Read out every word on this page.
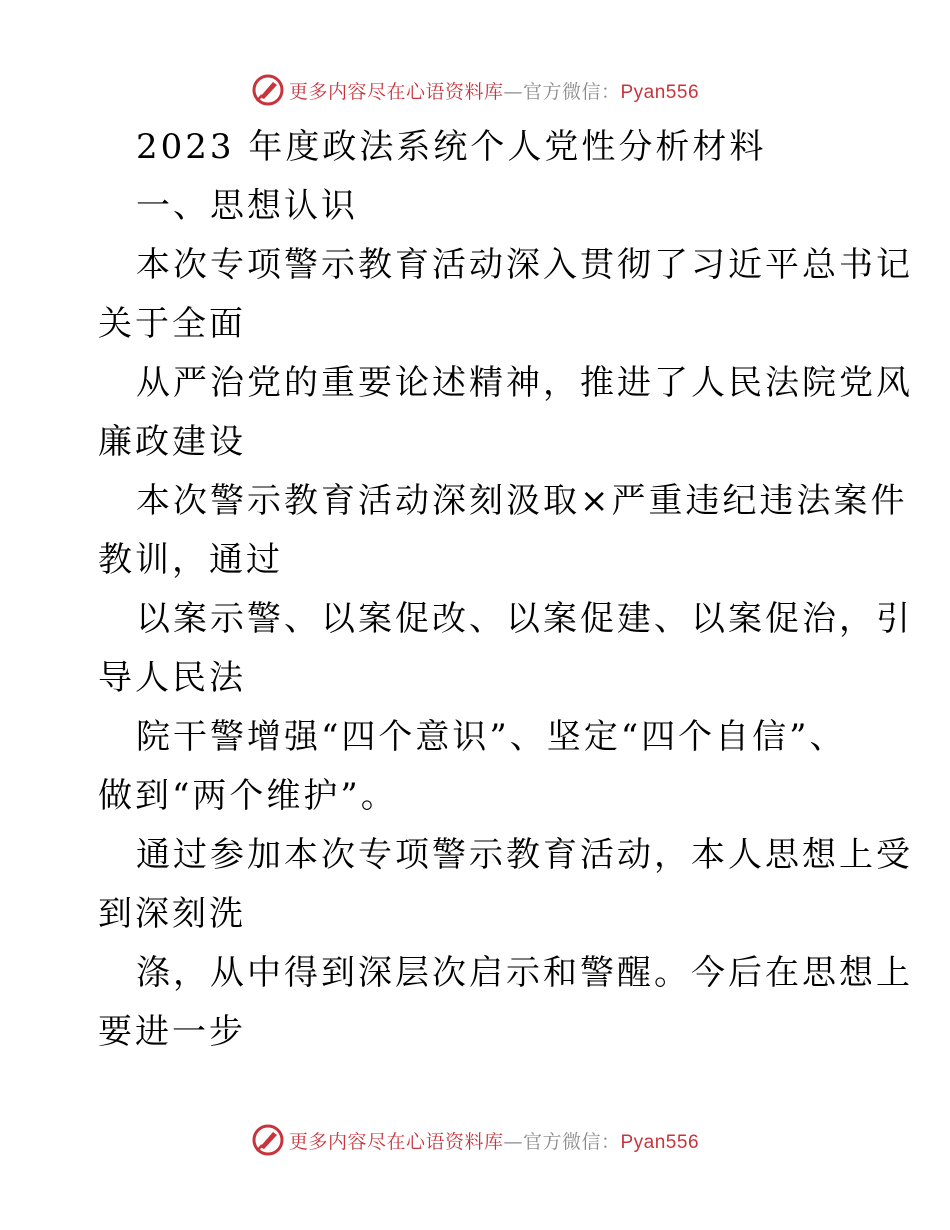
更多内容尽在心语资料库—官方微信：Pyan556
2023 年度政法系统个人党性分析材料
一、思想认识
本次专项警示教育活动深入贯彻了习近平总书记
关于全面
从严治党的重要论述精神，推进了人民法院党风
廉政建设
本次警示教育活动深刻汲取×严重违纪违法案件
教训，通过
以案示警、以案促改、以案促建、以案促治，引
导人民法
院干警增强“四个意识”、坚定“四个自信”、
做到“两个维护”。
通过参加本次专项警示教育活动，本人思想上受
到深刻洗
涤，从中得到深层次启示和警醒。今后在思想上
要进一步
更多内容尽在心语资料库—官方微信：Pyan556
